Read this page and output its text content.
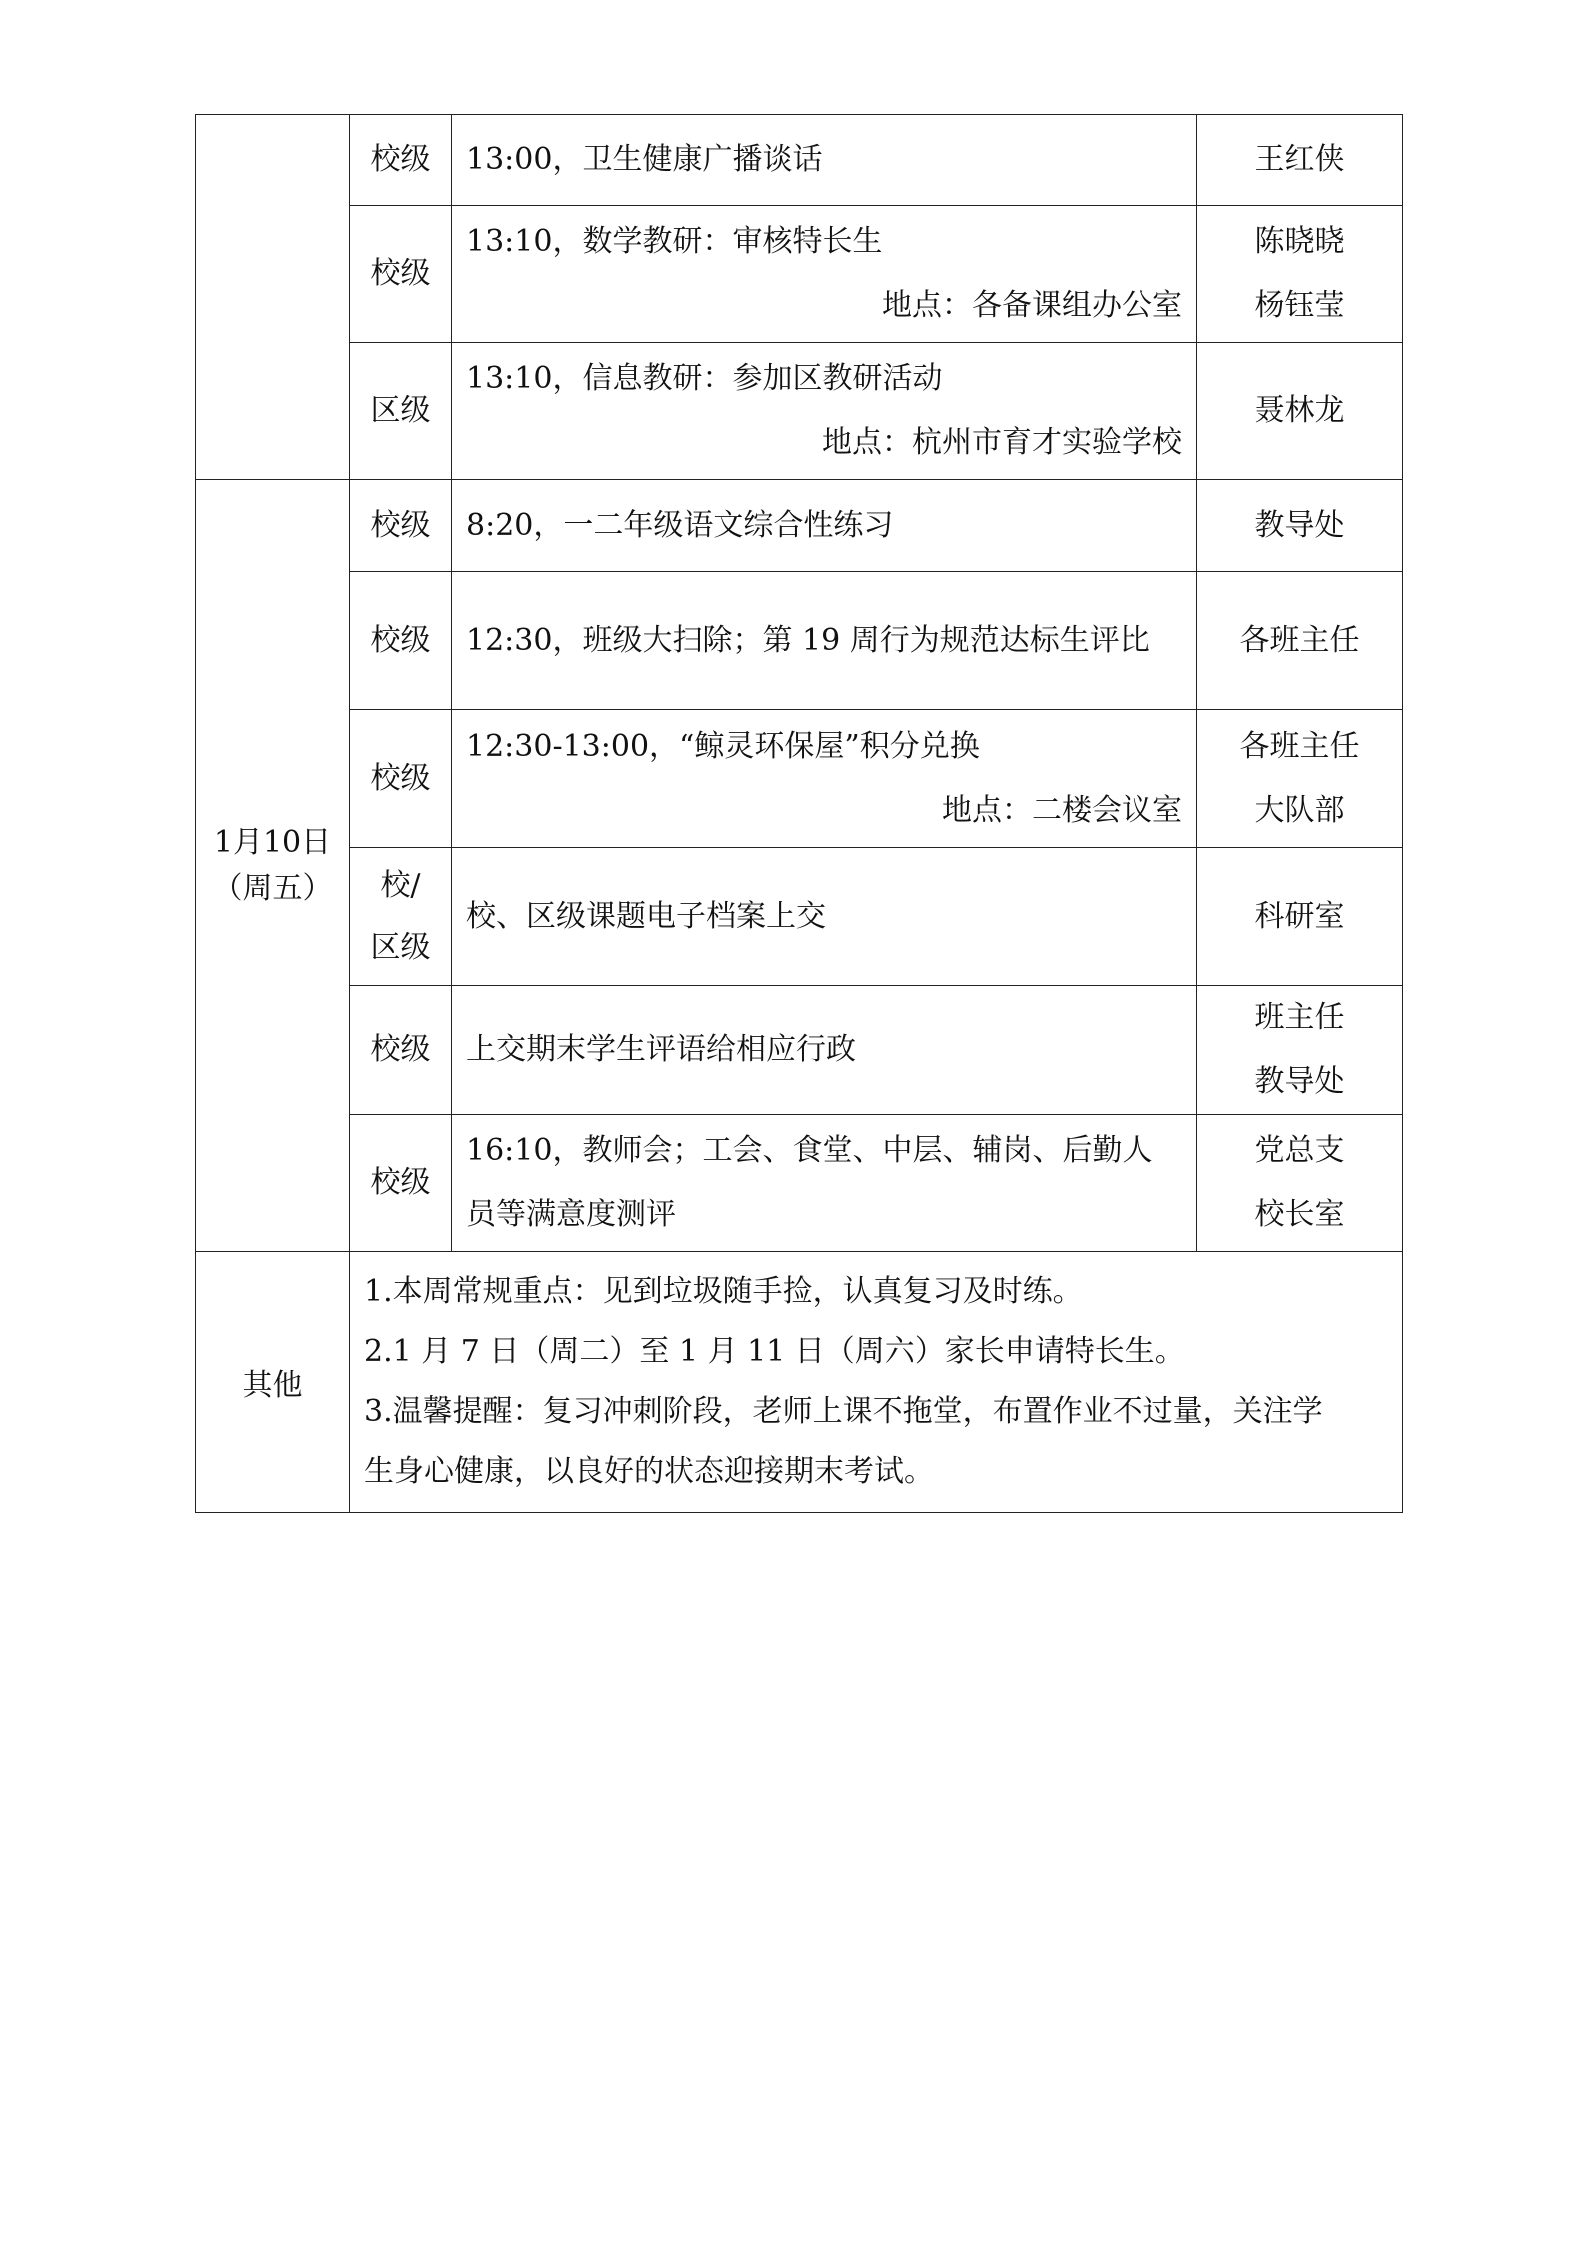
	校级	13:00，卫生健康广播谈话	王红侠

	校级	13:10，数学教研：审核特长生
地点：各备课组办公室	陈晓晓
杨钰莹

	区级	13:10，信息教研：参加区教研活动
地点：杭州市育才实验学校	聂林龙

1月10日
（周五）	校级	8:20，一二年级语文综合性练习	教导处

	校级	12:30，班级大扫除；第 19 周行为规范达标生评比	各班主任

	校级	12:30-13:00，“鲸灵环保屋”积分兑换
地点：二楼会议室	各班主任
大队部

	校/
区级	校、区级课题电子档案上交	科研室

	校级	上交期末学生评语给相应行政	班主任
教导处

	校级	16:10，教师会；工会、食堂、中层、辅岗、后勤人
员等满意度测评	党总支
校长室

其他	1.本周常规重点：见到垃圾随手捡，认真复习及时练。
2.1 月 7 日（周二）至 1 月 11 日（周六）家长申请特长生。
3.温馨提醒：复习冲刺阶段，老师上课不拖堂，布置作业不过量，关注学
生身心健康，以良好的状态迎接期末考试。		
